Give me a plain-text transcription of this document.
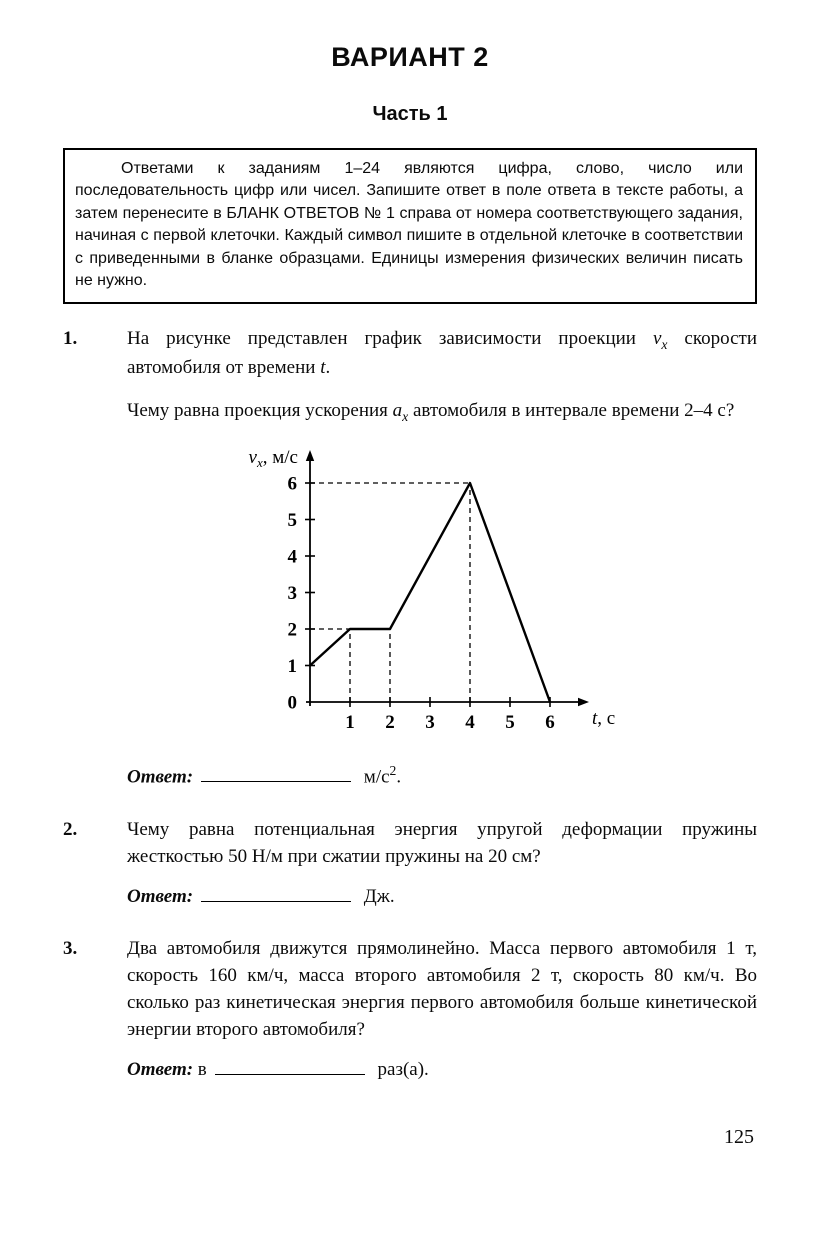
ВАРИАНТ 2
Часть 1

Ответами к заданиям 1–24 являются цифра, слово, число или последовательность цифр или чисел. Запишите ответ в поле ответа в тексте работы, а затем перенесите в БЛАНК ОТВЕТОВ № 1 справа от номера соответствующего задания, начиная с первой клеточки. Каждый символ пишите в отдельной клеточке в соответствии с приведенными в бланке образцами. Единицы измерения физических величин писать не нужно.

1.	На рисунке представлен график зависимости проекции $v_x$ скорости автомобиля от времени t.

Чему равна проекция ускорения $a_x$ автомобиля в интервале времени 2–4 с?

0
1
2
3
4
5
6
1 2 3 4 5 6
$v_x$, м/с
t, с

Ответ:	$м/с^2$.

2.	Чему равна потенциальная энергия упругой деформации пружины жесткостью 50 Н/м при сжатии пружины на 20 см?

Ответ:	Дж.

3.	Два автомобиля движутся прямолинейно. Масса первого автомобиля 1 т, скорость 160 км/ч, масса второго автомобиля 2 т, скорость 80 км/ч. Во сколько раз кинетическая энергия первого автомобиля больше кинетической энергии второго автомобиля?

Ответ: в	раз(а).

125
